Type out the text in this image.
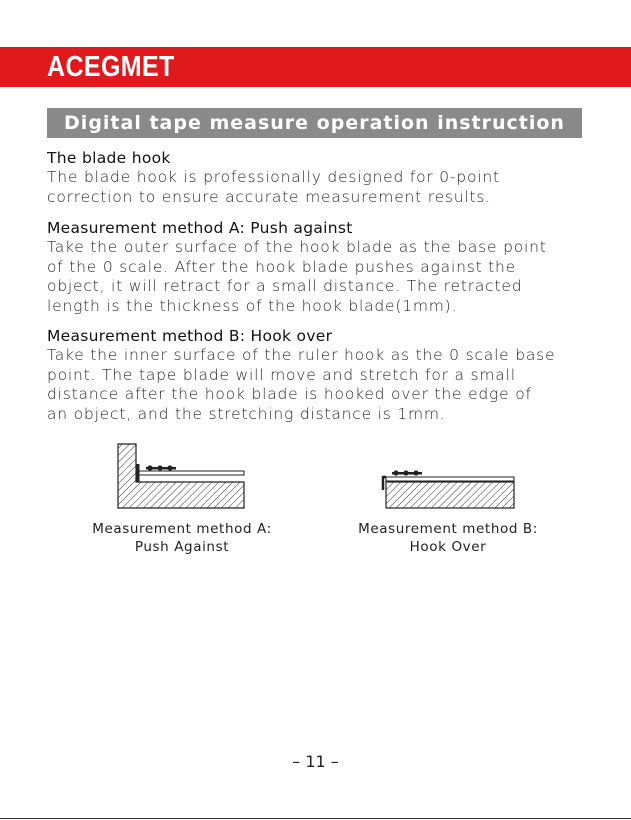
ACEGMET
Digital tape measure operation instruction
The blade hook
The blade hook is professionally designed for 0-point
correction to ensure accurate measurement results.
Measurement method A: Push against
Take the outer surface of the hook blade as the base point
of the 0 scale. After the hook blade pushes against the
object, it will retract for a small distance. The retracted
length is the thickness of the hook blade(1mm).
Measurement method B: Hook over
Take the inner surface of the ruler hook as the 0 scale base
point. The tape blade will move and stretch for a small
distance after the hook blade is hooked over the edge of
an object, and the stretching distance is 1mm.
Measurement method A:
Push Against
Measurement method B:
Hook Over
– 11 –
